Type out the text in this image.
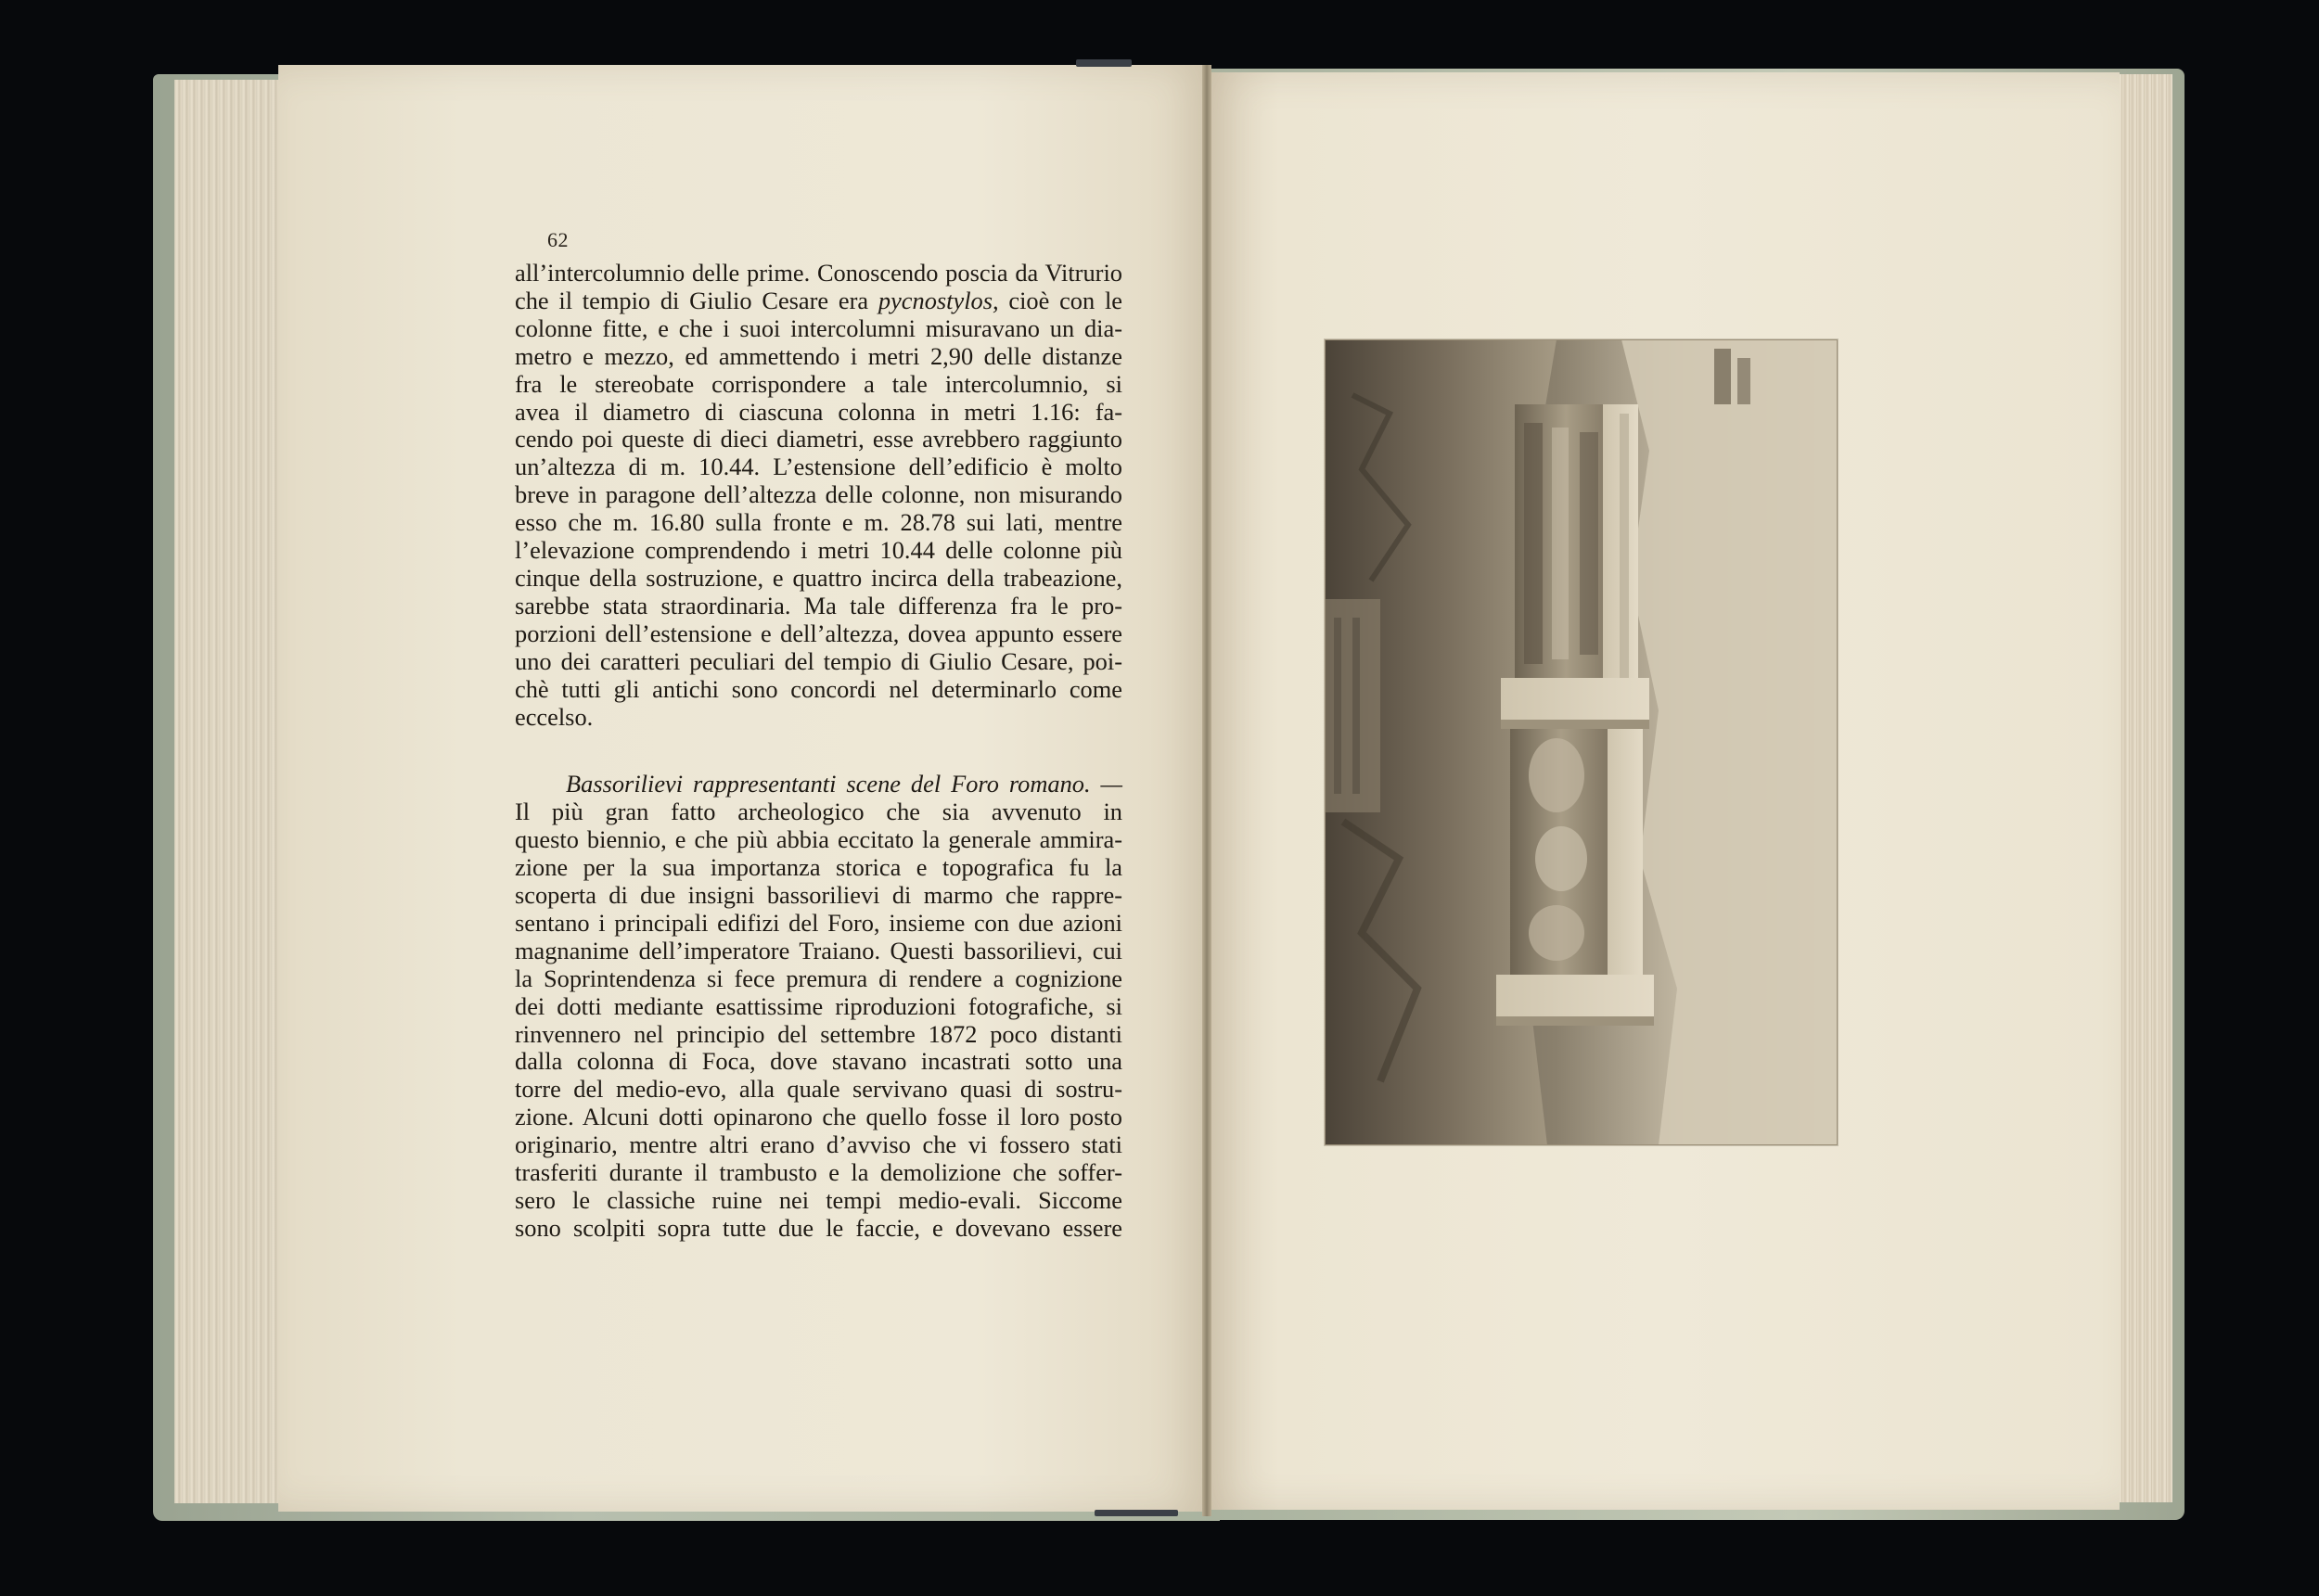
62
all’intercolumnio delle prime. Conoscendo poscia da Vitrurio
che il tempio di Giulio Cesare era pycnostylos, cioè con le
colonne fitte, e che i suoi intercolumni misuravano un dia-
metro e mezzo, ed ammettendo i metri 2,90 delle distanze
fra le stereobate corrispondere a tale intercolumnio, si
avea il diametro di ciascuna colonna in metri 1.16: fa-
cendo poi queste di dieci diametri, esse avrebbero raggiunto
un’altezza di m. 10.44. L’estensione dell’edificio è molto
breve in paragone dell’altezza delle colonne, non misurando
esso che m. 16.80 sulla fronte e m. 28.78 sui lati, mentre
l’elevazione comprendendo i metri 10.44 delle colonne più
cinque della sostruzione, e quattro incirca della trabeazione,
sarebbe stata straordinaria. Ma tale differenza fra le pro-
porzioni dell’estensione e dell’altezza, dovea appunto essere
uno dei caratteri peculiari del tempio di Giulio Cesare, poi-
chè tutti gli antichi sono concordi nel determinarlo come
eccelso.
Bassorilievi rappresentanti scene del Foro romano. —
Il più gran fatto archeologico che sia avvenuto in
questo biennio, e che più abbia eccitato la generale ammira-
zione per la sua importanza storica e topografica fu la
scoperta di due insigni bassorilievi di marmo che rappre-
sentano i principali edifizi del Foro, insieme con due azioni
magnanime dell’imperatore Traiano. Questi bassorilievi, cui
la Soprintendenza si fece premura di rendere a cognizione
dei dotti mediante esattissime riproduzioni fotografiche, si
rinvennero nel principio del settembre 1872 poco distanti
dalla colonna di Foca, dove stavano incastrati sotto una
torre del medio-evo, alla quale servivano quasi di sostru-
zione. Alcuni dotti opinarono che quello fosse il loro posto
originario, mentre altri erano d’avviso che vi fossero stati
trasferiti durante il trambusto e la demolizione che soffer-
sero le classiche ruine nei tempi medio-evali. Siccome
sono scolpiti sopra tutte due le faccie, e dovevano essere
